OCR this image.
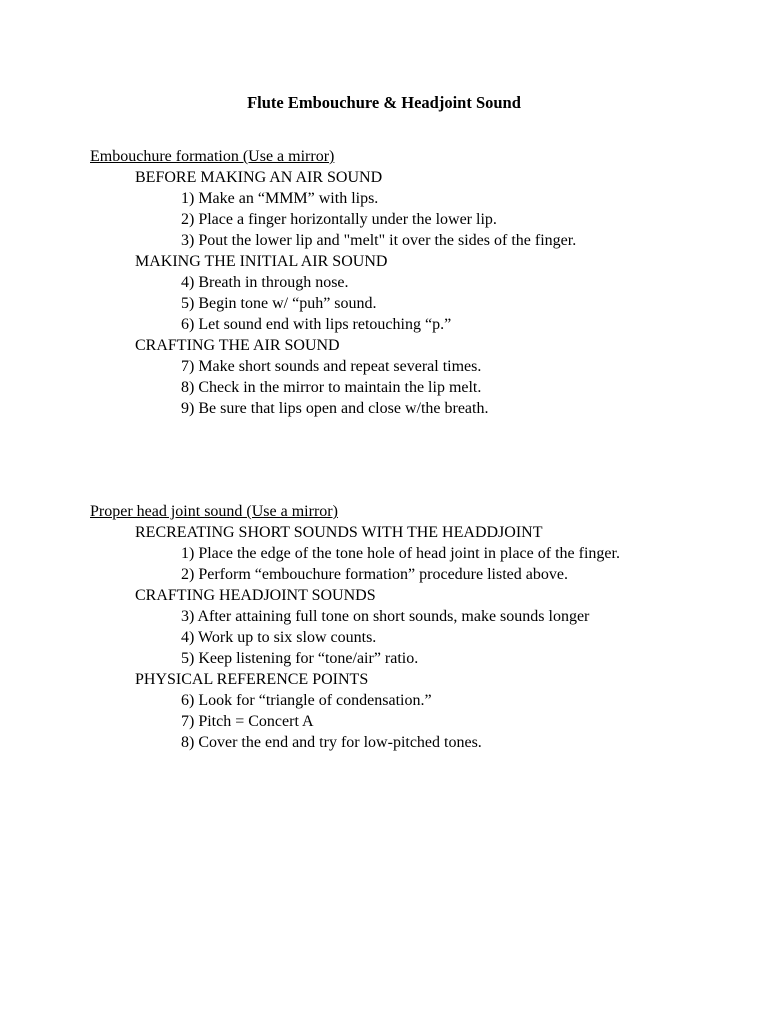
Flute Embouchure & Headjoint Sound
Embouchure formation (Use a mirror)
BEFORE MAKING AN AIR SOUND
1) Make an “MMM” with lips.
2) Place a finger horizontally under the lower lip.
3) Pout the lower lip and "melt" it over the sides of the finger.
MAKING THE INITIAL AIR SOUND
4) Breath in through nose.
5) Begin tone w/ “puh” sound.
6) Let sound end with lips retouching “p.”
CRAFTING THE AIR SOUND
7) Make short sounds and repeat several times.
8) Check in the mirror to maintain the lip melt.
9) Be sure that lips open and close w/the breath.
Proper head joint sound (Use a mirror)
RECREATING SHORT SOUNDS WITH THE HEADDJOINT
1) Place the edge of the tone hole of head joint in place of the finger.
2) Perform “embouchure formation” procedure listed above.
CRAFTING HEADJOINT SOUNDS
3) After attaining full tone on short sounds, make sounds longer
4) Work up to six slow counts.
5) Keep listening for “tone/air” ratio.
PHYSICAL REFERENCE POINTS
6) Look for “triangle of condensation.”
7) Pitch = Concert A
8) Cover the end and try for low-pitched tones.
